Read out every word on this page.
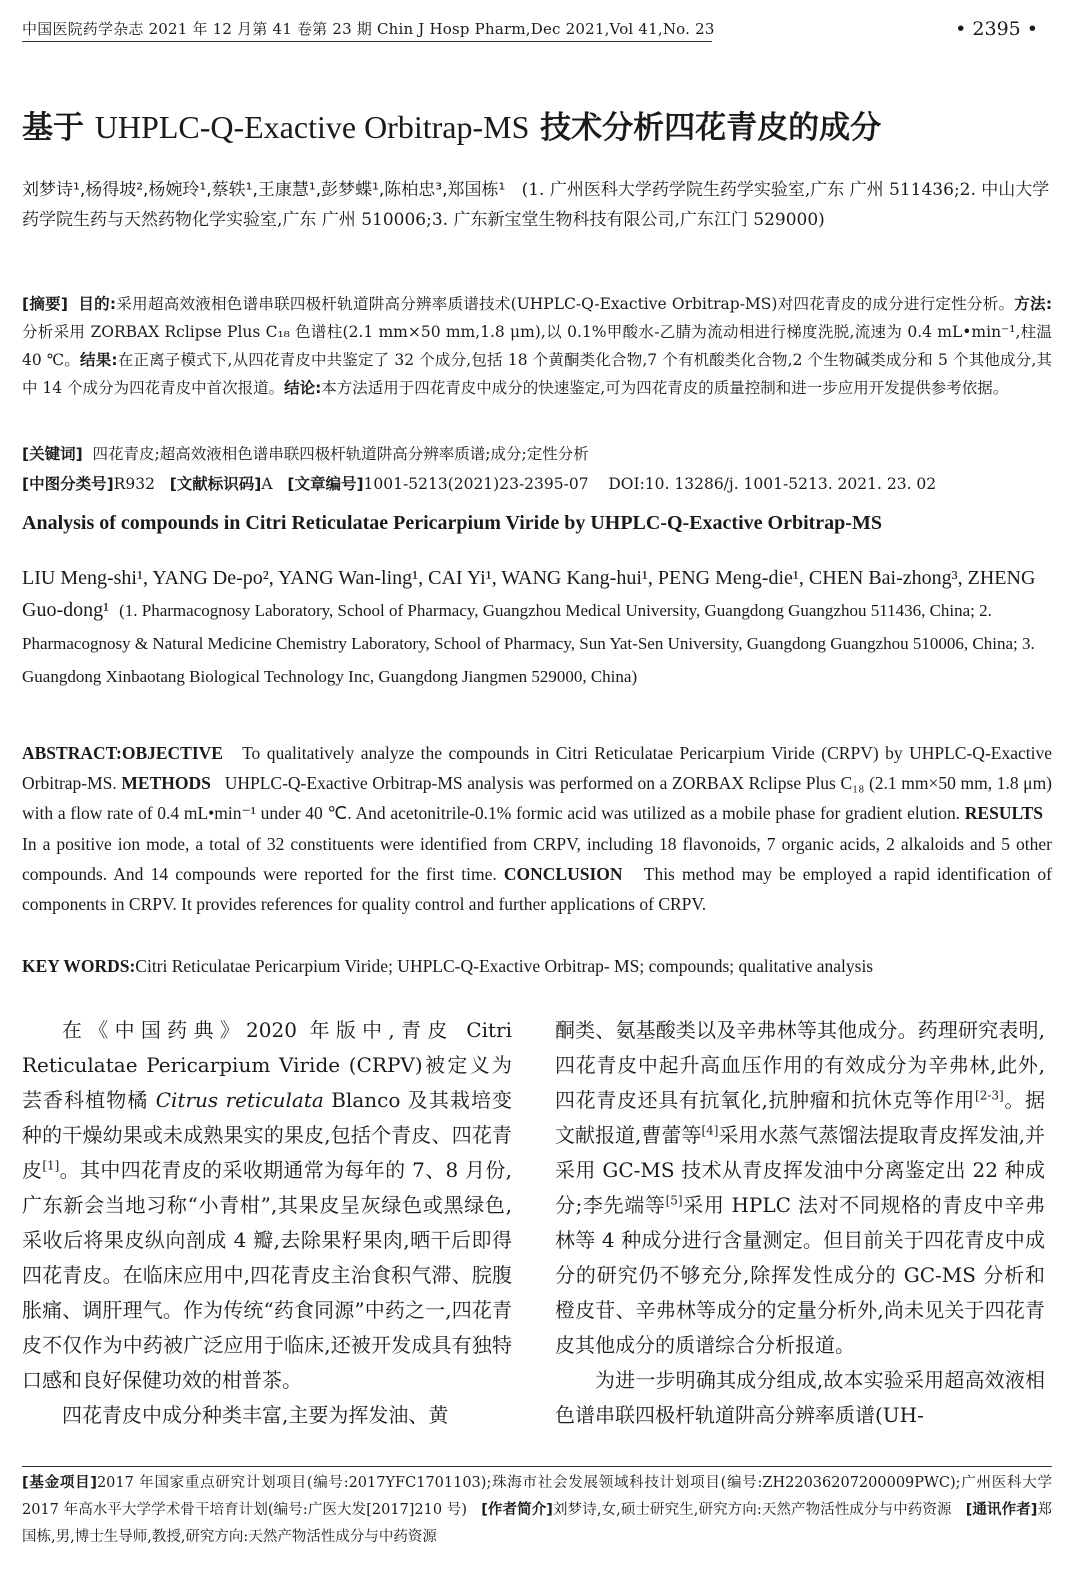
中国医院药学杂志 2021 年 12 月第 41 卷第 23 期 Chin J Hosp Pharm,Dec 2021,Vol 41,No. 23	• 2395 •
基于 UHPLC-Q-Exactive Orbitrap-MS 技术分析四花青皮的成分
刘梦诗¹,杨得坡²,杨婉玲¹,蔡轶¹,王康慧¹,彭梦蝶¹,陈柏忠³,郑国栋¹ (1. 广州医科大学药学院生药学实验室,广东 广州 511436;2. 中山大学药学院生药与天然药物化学实验室,广东 广州 510006;3. 广东新宝堂生物科技有限公司,广东江门 529000)
[摘要] 目的:采用超高效液相色谱串联四极杆轨道阱高分辨率质谱技术(UHPLC-Q-Exactive Orbitrap-MS)对四花青皮的成分进行定性分析。方法:分析采用 ZORBAX Rclipse Plus C₁₈ 色谱柱(2.1 mm×50 mm,1.8 μm),以 0.1%甲酸水-乙腈为流动相进行梯度洗脱,流速为 0.4 mL•min⁻¹,柱温 40 ℃。结果:在正离子模式下,从四花青皮中共鉴定了 32 个成分,包括 18 个黄酮类化合物,7 个有机酸类化合物,2 个生物碱类成分和 5 个其他成分,其中 14 个成分为四花青皮中首次报道。结论:本方法适用于四花青皮中成分的快速鉴定,可为四花青皮的质量控制和进一步应用开发提供参考依据。
[关键词] 四花青皮;超高效液相色谱串联四极杆轨道阱高分辨率质谱;成分;定性分析
[中图分类号]R932 [文献标识码]A [文章编号]1001-5213(2021)23-2395-07 DOI:10. 13286/j. 1001-5213. 2021. 23. 02
Analysis of compounds in Citri Reticulatae Pericarpium Viride by UHPLC-Q-Exactive Orbitrap-MS
LIU Meng-shi¹, YANG De-po², YANG Wan-ling¹, CAI Yi¹, WANG Kang-hui¹, PENG Meng-die¹, CHEN Bai-zhong³, ZHENG Guo-dong¹ (1. Pharmacognosy Laboratory, School of Pharmacy, Guangzhou Medical University, Guangdong Guangzhou 511436, China; 2. Pharmacognosy & Natural Medicine Chemistry Laboratory, School of Pharmacy, Sun Yat-Sen University, Guangdong Guangzhou 510006, China; 3. Guangdong Xinbaotang Biological Technology Inc, Guangdong Jiangmen 529000, China)
ABSTRACT:OBJECTIVE To qualitatively analyze the compounds in Citri Reticulatae Pericarpium Viride (CRPV) by UHPLC-Q-Exactive Orbitrap-MS. METHODS UHPLC-Q-Exactive Orbitrap-MS analysis was performed on a ZORBAX Rclipse Plus C₁₈ (2.1 mm×50 mm, 1.8 μm) with a flow rate of 0.4 mL•min⁻¹ under 40 ℃. And acetonitrile-0.1% formic acid was utilized as a mobile phase for gradient elution. RESULTS   In a positive ion mode, a total of 32 constituents were identified from CRPV, including 18 flavonoids, 7 organic acids, 2 alkaloids and 5 other compounds. And 14 compounds were reported for the first time. CONCLUSION This method may be employed a rapid identification of components in CRPV. It provides references for quality control and further applications of CRPV.
KEY WORDS:Citri Reticulatae Pericarpium Viride; UHPLC-Q-Exactive Orbitrap- MS; compounds; qualitative analysis

在《中国药典》2020 年版中,青皮 Citri Reticulatae Pericarpium Viride (CRPV)被定义为芸香科植物橘 Citrus reticulata Blanco 及其栽培变种的干燥幼果或未成熟果实的果皮,包括个青皮、四花青皮[1]。其中四花青皮的采收期通常为每年的 7、8 月份,广东新会当地习称“小青柑”,其果皮呈灰绿色或黑绿色,采收后将果皮纵向剖成 4 瓣,去除果籽果肉,晒干后即得四花青皮。在临床应用中,四花青皮主治食积气滞、脘腹胀痛、调肝理气。作为传统“药食同源”中药之一,四花青皮不仅作为中药被广泛应用于临床,还被开发成具有独特口感和良好保健功效的柑普茶。

四花青皮中成分种类丰富,主要为挥发油、黄

酮类、氨基酸类以及辛弗林等其他成分。药理研究表明,四花青皮中起升高血压作用的有效成分为辛弗林,此外,四花青皮还具有抗氧化,抗肿瘤和抗休克等作用[2-3]。据文献报道,曹蕾等[4]采用水蒸气蒸馏法提取青皮挥发油,并采用 GC-MS 技术从青皮挥发油中分离鉴定出 22 种成分;李先端等[5]采用 HPLC 法对不同规格的青皮中辛弗林等 4 种成分进行含量测定。但目前关于四花青皮中成分的研究仍不够充分,除挥发性成分的 GC-MS 分析和橙皮苷、辛弗林等成分的定量分析外,尚未见关于四花青皮其他成分的质谱综合分析报道。

为进一步明确其成分组成,故本实验采用超高效液相色谱串联四极杆轨道阱高分辨率质谱(UH-

[基金项目]2017 年国家重点研究计划项目(编号:2017YFC1701103);珠海市社会发展领域科技计划项目(编号:ZH22036207200009PWC);广州医科大学 2017 年高水平大学学术骨干培育计划(编号:广医大发[2017]210 号) [作者简介]刘梦诗,女,硕士研究生,研究方向:天然产物活性成分与中药资源 [通讯作者]郑国栋,男,博士生导师,教授,研究方向:天然产物活性成分与中药资源
